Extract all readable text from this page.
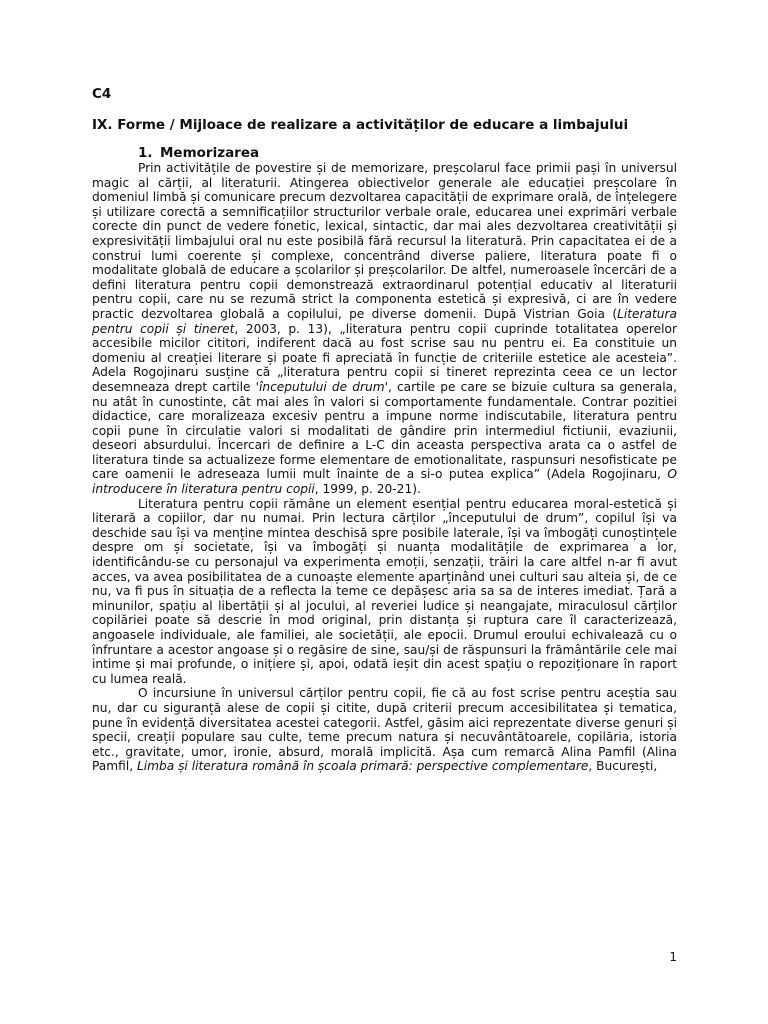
C4
IX. Forme / Mijloace de realizare a activităților de educare a limbajului
1. Memorizarea

Prin activitățile de povestire și de memorizare, preșcolarul face primii pași în universul magic al cărții, al literaturii. Atingerea obiectivelor generale ale educației preșcolare în domeniul limbă și comunicare precum dezvoltarea capacității de exprimare orală, de înțelegere și utilizare corectă a semnificațiilor structurilor verbale orale, educarea unei exprimări verbale corecte din punct de vedere fonetic, lexical, sintactic, dar mai ales dezvoltarea creativității și expresivității limbajului oral nu este posibilă fără recursul la literatură. Prin capacitatea ei de a construi lumi coerente și complexe, concentrând diverse paliere, literatura poate fi o modalitate globală de educare a școlarilor și preșcolarilor. De altfel, numeroasele încercări de a defini literatura pentru copii demonstrează extraordinarul potențial educativ al literaturii pentru copii, care nu se rezumă strict la componenta estetică și expresivă, ci are în vedere practic dezvoltarea globală a copilului, pe diverse domenii. După Vistrian Goia (Literatura pentru copii și tineret, 2003, p. 13), „literatura pentru copii cuprinde totalitatea operelor accesibile micilor cititori, indiferent dacă au fost scrise sau nu pentru ei. Ea constituie un domeniu al creației literare și poate fi apreciată în funcție de criteriile estetice ale acesteia”. Adela Rogojinaru susține că „literatura pentru copii si tineret reprezinta ceea ce un lector desemneaza drept cartile 'începutului de drum', cartile pe care se bizuie cultura sa generala, nu atât în cunostinte, cât mai ales în valori si comportamente fundamentale. Contrar pozitiei didactice, care moralizeaza excesiv pentru a impune norme indiscutabile, literatura pentru copii pune în circulatie valori si modalitati de gândire prin intermediul fictiunii, evaziunii, deseori absurdului. Încercari de definire a L-C din aceasta perspectiva arata ca o astfel de literatura tinde sa actualizeze forme elementare de emotionalitate, raspunsuri nesofisticate pe care oamenii le adreseaza lumii mult înainte de a si-o putea explica” (Adela Rogojinaru, O introducere în literatura pentru copii, 1999, p. 20-21).

Literatura pentru copii rămâne un element esențial pentru educarea moral-estetică și literară a copiilor, dar nu numai. Prin lectura cărților „începutului de drum”, copilul își va deschide sau își va menține mintea deschisă spre posibile laterale, își va îmbogăți cunoștințele despre om și societate, își va îmbogăți și nuanța modalitățile de exprimarea a lor, identificându-se cu personajul va experimenta emoții, senzații, trăiri la care altfel n-ar fi avut acces, va avea posibilitatea de a cunoaște elemente aparținând unei culturi sau alteia și, de ce nu, va fi pus în situația de a reflecta la teme ce depășesc aria sa sa de interes imediat. Țară a minunilor, spațiu al libertății și al jocului, al reveriei ludice și neangajate, miraculosul cărților copilăriei poate să descrie în mod original, prin distanța și ruptura care îl caracterizează, angoasele individuale, ale familiei, ale societății, ale epocii. Drumul eroului echivalează cu o înfruntare a acestor angoase și o regăsire de sine, sau/și de răspunsuri la frământările cele mai intime și mai profunde, o inițiere și, apoi, odată ieșit din acest spațiu o repoziționare în raport cu lumea reală.

O incursiune în universul cărților pentru copii, fie că au fost scrise pentru aceștia sau nu, dar cu siguranță alese de copii și citite, după criterii precum accesibilitatea și tematica, pune în evidență diversitatea acestei categorii. Astfel, găsim aici reprezentate diverse genuri și specii, creații populare sau culte, teme precum natura și necuvântătoarele, copilăria, istoria etc., gravitate, umor, ironie, absurd, morală implicită. Așa cum remarcă Alina Pamfil (Alina Pamfil, Limba și literatura română în școala primară: perspective complementare, București,

1
